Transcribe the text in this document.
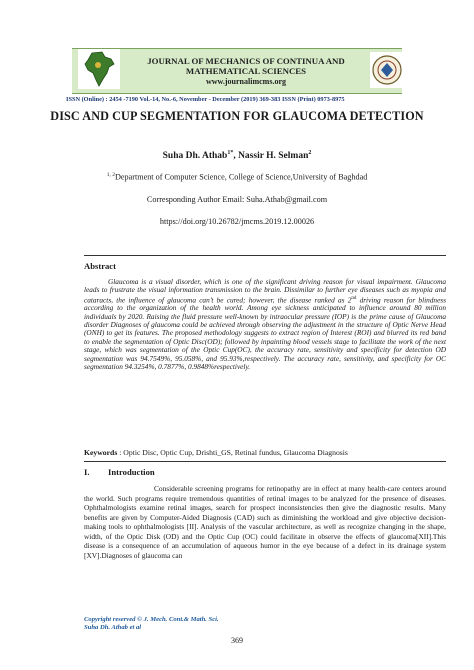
JOURNAL OF MECHANICS OF CONTINUA AND MATHEMATICAL SCIENCES
www.journalimcms.org
ISSN (Online) : 2454 -7190 Vol.-14, No.-6, November - December (2019) 369-383 ISSN (Print) 0973-8975
DISC AND CUP SEGMENTATION FOR GLAUCOMA DETECTION
Suha Dh. Athab$^{1*}$, Nassir H. Selman$^2$
$^{1, 2}$Department of Computer Science, College of Science,University of Baghdad
Corresponding Author Email: Suha.Athab@gmail.com
https://doi.org/10.26782/jmcms.2019.12.00026
Abstract
Glaucoma is a visual disorder, which is one of the significant driving reason for visual impairment. Glaucoma leads to frustrate the visual information transmission to the brain. Dissimilar to further eye diseases such as myopia and cataracts, the influence of glaucoma can’t be cured; however, the disease ranked as 2nd driving reason for blindness according to the organization of the health world. Among eye sickness anticipated to influence around 80 million individuals by 2020. Raising the fluid pressure well-known by intraocular pressure (IOP) is the prime cause of Glaucoma disorder Diagnoses of glaucoma could be achieved through observing the adjustment in the structure of Optic Nerve Head (ONH) to get its features. The proposed methodology suggests to extract region of Interest (ROI) and blurred its red band to enable the segmentation of Optic Disc(OD); followed by inpainting blood vessels stage to facilitate the work of the next stage, which was segmentation of the Optic Cup(OC), the accuracy rate, sensitivity and specificity for detection OD segmentation was 94.7549%, 95.058%, and 95.93%,respectively. The accuracy rate, sensitivity, and specificity for OC segmentation 94.3254%, 0.7877%, 0.9848%respectively.
Keywords : Optic Disc, Optic Cup, Drishti_GS, Retinal fundus, Glaucoma Diagnosis
I. Introduction
Considerable screening programs for retinopathy are in effect at many health-care centers around the world. Such programs require tremendous quantities of retinal images to be analyzed for the presence of diseases. Ophthalmologists examine retinal images, search for prospect inconsistencies then give the diagnostic results. Many benefits are given by Computer-Aided Diagnosis (CAD) such as diminishing the workload and give objective decision-making tools to ophthalmologists [II]. Analysis of the vascular architecture, as well as recognize changing in the shape, width, of the Optic Disk (OD) and the Optic Cup (OC) could facilitate in observe the effects of glaucoma[XII].This disease is a consequence of an accumulation of aqueous humor in the eye because of a defect in its drainage system [XV].Diagnoses of glaucoma can
Copyright reserved © J. Mech. Cont.& Math. Sci.
Suha Dh. Athab et al
369
